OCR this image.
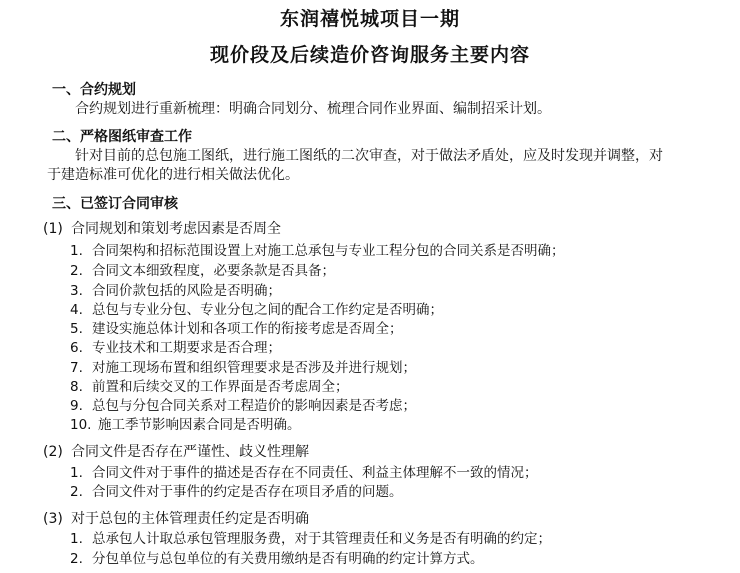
东润禧悦城项目一期
现价段及后续造价咨询服务主要内容
一、合约规划
合约规划进行重新梳理：明确合同划分、梳理合同作业界面、编制招采计划。
二、严格图纸审查工作
针对目前的总包施工图纸，进行施工图纸的二次审查，对于做法矛盾处，应及时发现并调整，对
于建造标准可优化的进行相关做法优化。
三、已签订合同审核
(1) 合同规划和策划考虑因素是否周全
1. 合同架构和招标范围设置上对施工总承包与专业工程分包的合同关系是否明确；
2. 合同文本细致程度，必要条款是否具备；
3. 合同价款包括的风险是否明确；
4. 总包与专业分包、专业分包之间的配合工作约定是否明确；
5. 建设实施总体计划和各项工作的衔接考虑是否周全；
6. 专业技术和工期要求是否合理；
7. 对施工现场布置和组织管理要求是否涉及并进行规划；
8. 前置和后续交叉的工作界面是否考虑周全；
9. 总包与分包合同关系对工程造价的影响因素是否考虑；
10. 施工季节影响因素合同是否明确。
(2) 合同文件是否存在严谨性、歧义性理解
1. 合同文件对于事件的描述是否存在不同责任、利益主体理解不一致的情况；
2. 合同文件对于事件的约定是否存在项目矛盾的问题。
(3) 对于总包的主体管理责任约定是否明确
1. 总承包人计取总承包管理服务费，对于其管理责任和义务是否有明确的约定；
2. 分包单位与总包单位的有关费用缴纳是否有明确的约定计算方式。
